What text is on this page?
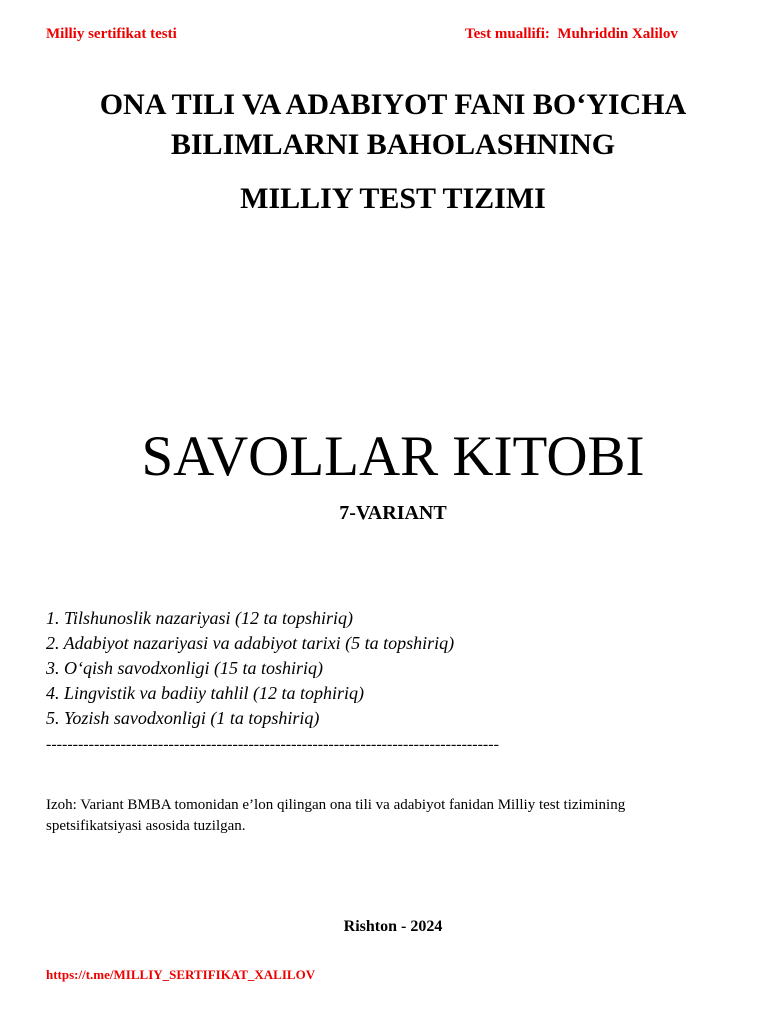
Milliy sertifikat testi	Test muallifi:  Muhriddin Xalilov
ONA TILI VA ADABIYOT FANI BO‘YICHA
BILIMLARNI BAHOLASHNING
MILLIY TEST TIZIMI
SAVOLLAR KITOBI
7-VARIANT
1. Tilshunoslik nazariyasi (12 ta topshiriq)
2. Adabiyot nazariyasi va adabiyot tarixi (5 ta topshiriq)
3. O‘qish savodxonligi (15 ta toshiriq)
4. Lingvistik va badiiy tahlil (12 ta tophiriq)
5. Yozish savodxonligi (1 ta topshiriq)
-------------------------------------------------------------------------------------
Izoh: Variant BMBA tomonidan e’lon qilingan ona tili va adabiyot fanidan Milliy test tizimining spetsifikatsiyasi asosida tuzilgan.
Rishton - 2024
https://t.me/MILLIY_SERTIFIKAT_XALILOV
